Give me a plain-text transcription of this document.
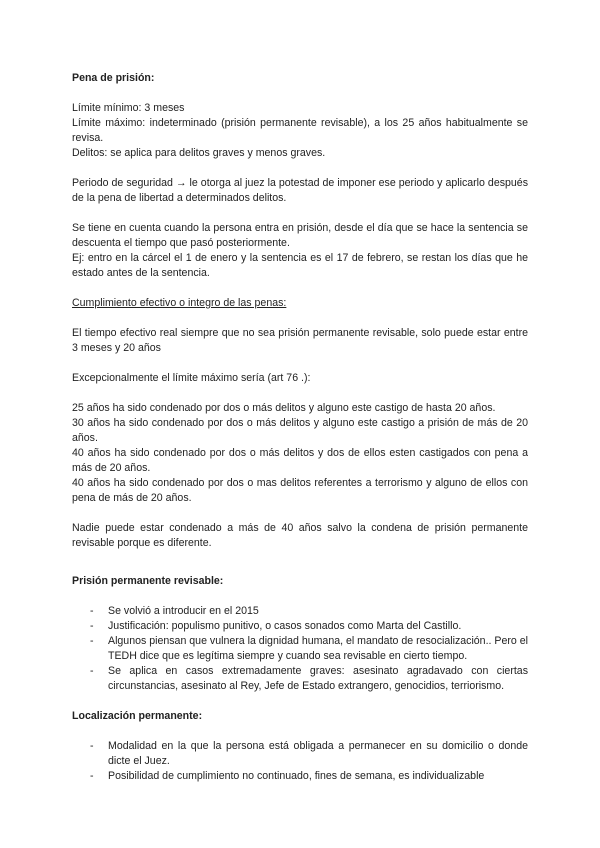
Pena de prisión:

Límite mínimo: 3 meses

Límite máximo: indeterminado (prisión permanente revisable), a los 25 años habitualmente se revisa.

Delitos: se aplica para delitos graves y menos graves.

Periodo de seguridad → le otorga al juez la potestad de imponer ese periodo y aplicarlo después de la pena de libertad a determinados delitos.

Se tiene en cuenta cuando la persona entra en prisión, desde el día que se hace la sentencia se descuenta el tiempo que pasó posteriormente.

Ej: entro en la cárcel el 1 de enero y la sentencia es el 17 de febrero, se restan los días que he estado antes de la sentencia.

Cumplimiento efectivo o integro de las penas:

El tiempo efectivo real siempre que no sea prisión permanente revisable, solo puede estar entre 3 meses y 20 años

Excepcionalmente el límite máximo sería (art 76 .):

25 años ha sido condenado por dos o más delitos y alguno este castigo de hasta 20 años.

30 años ha sido condenado por dos o más delitos y alguno este castigo a prisión de más de 20 años.

40 años ha sido condenado por dos o más delitos y dos de ellos esten castigados con pena a más de 20 años.

40 años ha sido condenado por dos o mas delitos referentes a terrorismo y alguno de ellos con pena de más de 20 años.

Nadie puede estar condenado a más de 40 años salvo la condena de prisión permanente revisable porque es diferente.

Prisión permanente revisable:

- Se volvió a introducir en el 2015
- Justificación: populismo punitivo, o casos sonados como Marta del Castillo.
- Algunos piensan que vulnera la dignidad humana, el mandato de resocialización.. Pero el TEDH dice que es legítima siempre y cuando sea revisable en cierto tiempo.
- Se aplica en casos extremadamente graves: asesinato agradavado con ciertas circunstancias, asesinato al Rey, Jefe de Estado extrangero, genocidios, terriorismo.

Localización permanente:

- Modalidad en la que la persona está obligada a permanecer en su domicilio o donde dicte el Juez.
- Posibilidad de cumplimiento no continuado, fines de semana, es individualizable
